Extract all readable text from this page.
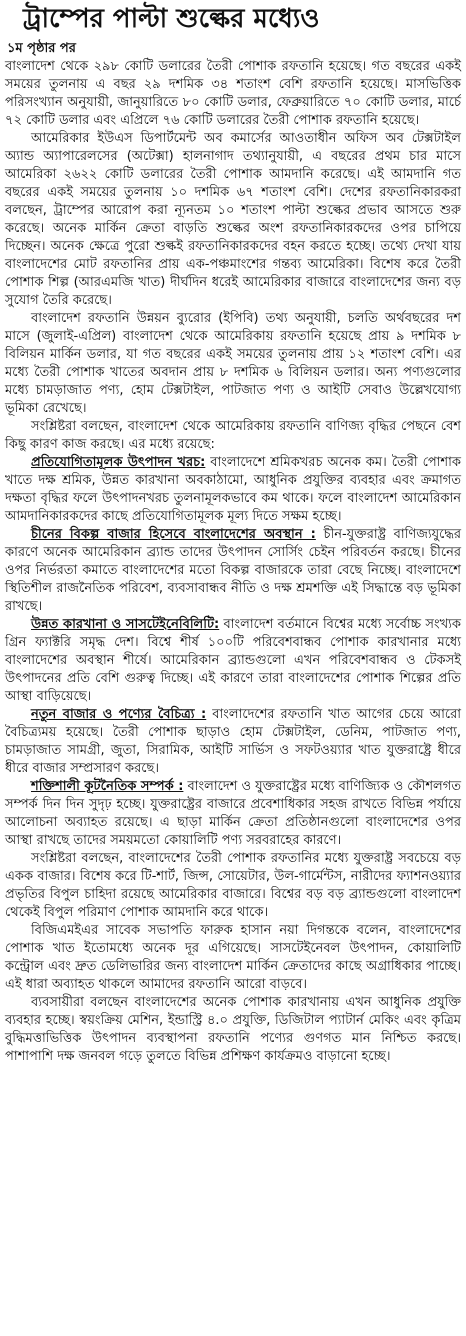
ট্রাম্পের পাল্টা শুল্কের মধ্যেও

১ম পৃষ্ঠার পর

বাংলাদেশ থেকে ২৯৮ কোটি ডলারের তৈরী পোশাক রফতানি হয়েছে। গত বছরের একই সময়ের তুলনায় এ বছর ২৯ দশমিক ৩৪ শতাংশ বেশি রফতানি হয়েছে। মাসভিত্তিক পরিসংখ্যান অনুযায়ী, জানুয়ারিতে ৮০ কোটি ডলার, ফেব্রুয়ারিতে ৭০ কোটি ডলার, মার্চে ৭২ কোটি ডলার এবং এপ্রিলে ৭৬ কোটি ডলারের তৈরী পোশাক রফতানি হয়েছে।

আমেরিকার ইউএস ডিপার্টমেন্ট অব কমার্সের আওতাধীন অফিস অব টেক্সটাইল অ্যান্ড অ্যাপারেলসের (অটেক্সা) হালনাগাদ তথ্যানুযায়ী, এ বছরের প্রথম চার মাসে আমেরিকা ২৬২২ কোটি ডলারের তৈরী পোশাক আমদানি করেছে। এই আমদানি গত বছরের একই সময়ের তুলনায় ১০ দশমিক ৬৭ শতাংশ বেশি। দেশের রফতানিকারকরা বলছেন, ট্রাম্পের আরোপ করা ন্যূনতম ১০ শতাংশ পাল্টা শুল্কের প্রভাব আসতে শুরু করেছে। অনেক মার্কিন ক্রেতা বাড়তি শুল্কের অংশ রফতানিকারকদের ওপর চাপিয়ে দিচ্ছেন। অনেক ক্ষেত্রে পুরো শুল্কই রফতানিকারকদের বহন করতে হচ্ছে। তথ্যে দেখা যায় বাংলাদেশের মোট রফতানির প্রায় এক-পঞ্চমাংশের গন্তব্য আমেরিকা। বিশেষ করে তৈরী পোশাক শিল্প (আরএমজি খাত) দীর্ঘদিন ধরেই আমেরিকার বাজারে বাংলাদেশের জন্য বড় সুযোগ তৈরি করেছে।

বাংলাদেশ রফতানি উন্নয়ন ব্যুরোর (ইপিবি) তথ্য অনুযায়ী, চলতি অর্থবছরের দশ মাসে (জুলাই-এপ্রিল) বাংলাদেশ থেকে আমেরিকায় রফতানি হয়েছে প্রায় ৯ দশমিক ৮ বিলিয়ন মার্কিন ডলার, যা গত বছরের একই সময়ের তুলনায় প্রায় ১২ শতাংশ বেশি। এর মধ্যে তৈরী পোশাক খাতের অবদান প্রায় ৮ দশমিক ৬ বিলিয়ন ডলার। অন্য পণ্যগুলোর মধ্যে চামড়াজাত পণ্য, হোম টেক্সটাইল, পাটজাত পণ্য ও আইটি সেবাও উল্লেখযোগ্য ভূমিকা রেখেছে।

সংশ্লিষ্টরা বলছেন, বাংলাদেশ থেকে আমেরিকায় রফতানি বাণিজ্য বৃদ্ধির পেছনে বেশ কিছু কারণ কাজ করছে। এর মধ্যে রয়েছে:

প্রতিযোগিতামূলক উৎপাদন খরচ: বাংলাদেশে শ্রমিকখরচ অনেক কম। তৈরী পোশাক খাতে দক্ষ শ্রমিক, উন্নত কারখানা অবকাঠামো, আধুনিক প্রযুক্তির ব্যবহার এবং ক্রমাগত দক্ষতা বৃদ্ধির ফলে উৎপাদনখরচ তুলনামূলকভাবে কম থাকে। ফলে বাংলাদেশ আমেরিকান আমদানিকারকদের কাছে প্রতিযোগিতামূলক মূল্য দিতে সক্ষম হচ্ছে।

চীনের বিকল্প বাজার হিসেবে বাংলাদেশের অবস্থান : চীন-যুক্তরাষ্ট্র বাণিজ্যযুদ্ধের কারণে অনেক আমেরিকান ব্র্যান্ড তাদের উৎপাদন সোর্সিং চেইন পরিবর্তন করছে। চীনের ওপর নির্ভরতা কমাতে বাংলাদেশের মতো বিকল্প বাজারকে তারা বেছে নিচ্ছে। বাংলাদেশে স্থিতিশীল রাজনৈতিক পরিবেশ, ব্যবসাবান্ধব নীতি ও দক্ষ শ্রমশক্তি এই সিদ্ধান্তে বড় ভূমিকা রাখছে।

উন্নত কারখানা ও সাসটেইনেবিলিটি: বাংলাদেশ বর্তমানে বিশ্বের মধ্যে সর্বোচ্চ সংখ্যক গ্রিন ফ্যাক্টরি সমৃদ্ধ দেশ। বিশ্বে শীর্ষ ১০০টি পরিবেশবান্ধব পোশাক কারখানার মধ্যে বাংলাদেশের অবস্থান শীর্ষে। আমেরিকান ব্র্যান্ডগুলো এখন পরিবেশবান্ধব ও টেকসই উৎপাদনের প্রতি বেশি গুরুত্ব দিচ্ছে। এই কারণে তারা বাংলাদেশের পোশাক শিল্পের প্রতি আস্থা বাড়িয়েছে।

নতুন বাজার ও পণ্যের বৈচিত্র্য : বাংলাদেশের রফতানি খাত আগের চেয়ে আরো বৈচিত্র্যময় হয়েছে। তৈরী পোশাক ছাড়াও হোম টেক্সটাইল, ডেনিম, পাটজাত পণ্য, চামড়াজাত সামগ্রী, জুতা, সিরামিক, আইটি সার্ভিস ও সফটওয়্যার খাত যুক্তরাষ্ট্রে ধীরে ধীরে বাজার সম্প্রসারণ করছে।

শক্তিশালী কূটনৈতিক সম্পর্ক : বাংলাদেশ ও যুক্তরাষ্ট্রের মধ্যে বাণিজ্যিক ও কৌশলগত সম্পর্ক দিন দিন সুদৃঢ় হচ্ছে। যুক্তরাষ্ট্রের বাজারে প্রবেশাধিকার সহজ রাখতে বিভিন্ন পর্যায়ে আলোচনা অব্যাহত রয়েছে। এ ছাড়া মার্কিন ক্রেতা প্রতিষ্ঠানগুলো বাংলাদেশের ওপর আস্থা রাখছে তাদের সময়মতো কোয়ালিটি পণ্য সরবরাহের কারণে।

সংশ্লিষ্টরা বলছেন, বাংলাদেশের তৈরী পোশাক রফতানির মধ্যে যুক্তরাষ্ট্র সবচেয়ে বড় একক বাজার। বিশেষ করে টি-শার্ট, জিন্স, সোয়েটার, উল-গার্মেন্টস, নারীদের ফ্যাশনওয়্যার প্রভৃতির বিপুল চাহিদা রয়েছে আমেরিকার বাজারে। বিশ্বের বড় বড় ব্র্যান্ডগুলো বাংলাদেশ থেকেই বিপুল পরিমাণ পোশাক আমদানি করে থাকে।

বিজিএমইএর সাবেক সভাপতি ফারুক হাসান নয়া দিগন্তকে বলেন, বাংলাদেশের পোশাক খাত ইতোমধ্যে অনেক দূর এগিয়েছে। সাসটেইনেবল উৎপাদন, কোয়ালিটি কন্ট্রোল এবং দ্রুত ডেলিভারির জন্য বাংলাদেশ মার্কিন ক্রেতাদের কাছে অগ্রাধিকার পাচ্ছে। এই ধারা অব্যাহত থাকলে আমাদের রফতানি আরো বাড়বে।

ব্যবসায়ীরা বলছেন বাংলাদেশের অনেক পোশাক কারখানায় এখন আধুনিক প্রযুক্তি ব্যবহার হচ্ছে। স্বয়ংক্রিয় মেশিন, ইন্ডাস্ট্রি ৪.০ প্রযুক্তি, ডিজিটাল প্যাটার্ন মেকিং এবং কৃত্রিম বুদ্ধিমত্তাভিত্তিক উৎপাদন ব্যবস্থাপনা রফতানি পণ্যের গুণগত মান নিশ্চিত করছে। পাশাপাশি দক্ষ জনবল গড়ে তুলতে বিভিন্ন প্রশিক্ষণ কার্যক্রমও বাড়ানো হচ্ছে।
